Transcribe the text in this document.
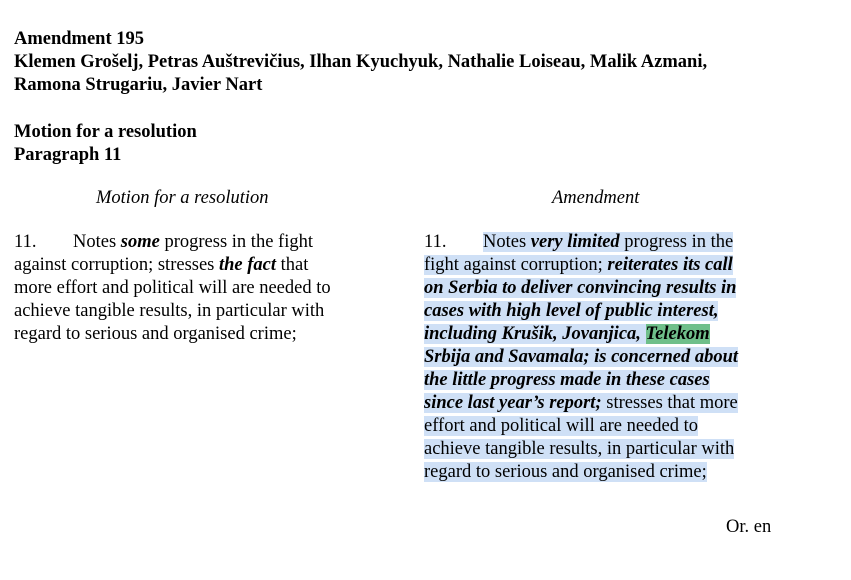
Amendment 195
Klemen Grošelj, Petras Auštrevičius, Ilhan Kyuchyuk, Nathalie Loiseau, Malik Azmani,
Ramona Strugariu, Javier Nart
Motion for a resolution
Paragraph 11
Motion for a resolution	Amendment
11. Notes some progress in the fight
against corruption; stresses the fact that
more effort and political will are needed to
achieve tangible results, in particular with
regard to serious and organised crime;
11. Notes very limited progress in the
fight against corruption; reiterates its call
on Serbia to deliver convincing results in
cases with high level of public interest,
including Krušik, Jovanjica, Telekom
Srbija and Savamala; is concerned about
the little progress made in these cases
since last year’s report; stresses that more
effort and political will are needed to
achieve tangible results, in particular with
regard to serious and organised crime;
Or. en
